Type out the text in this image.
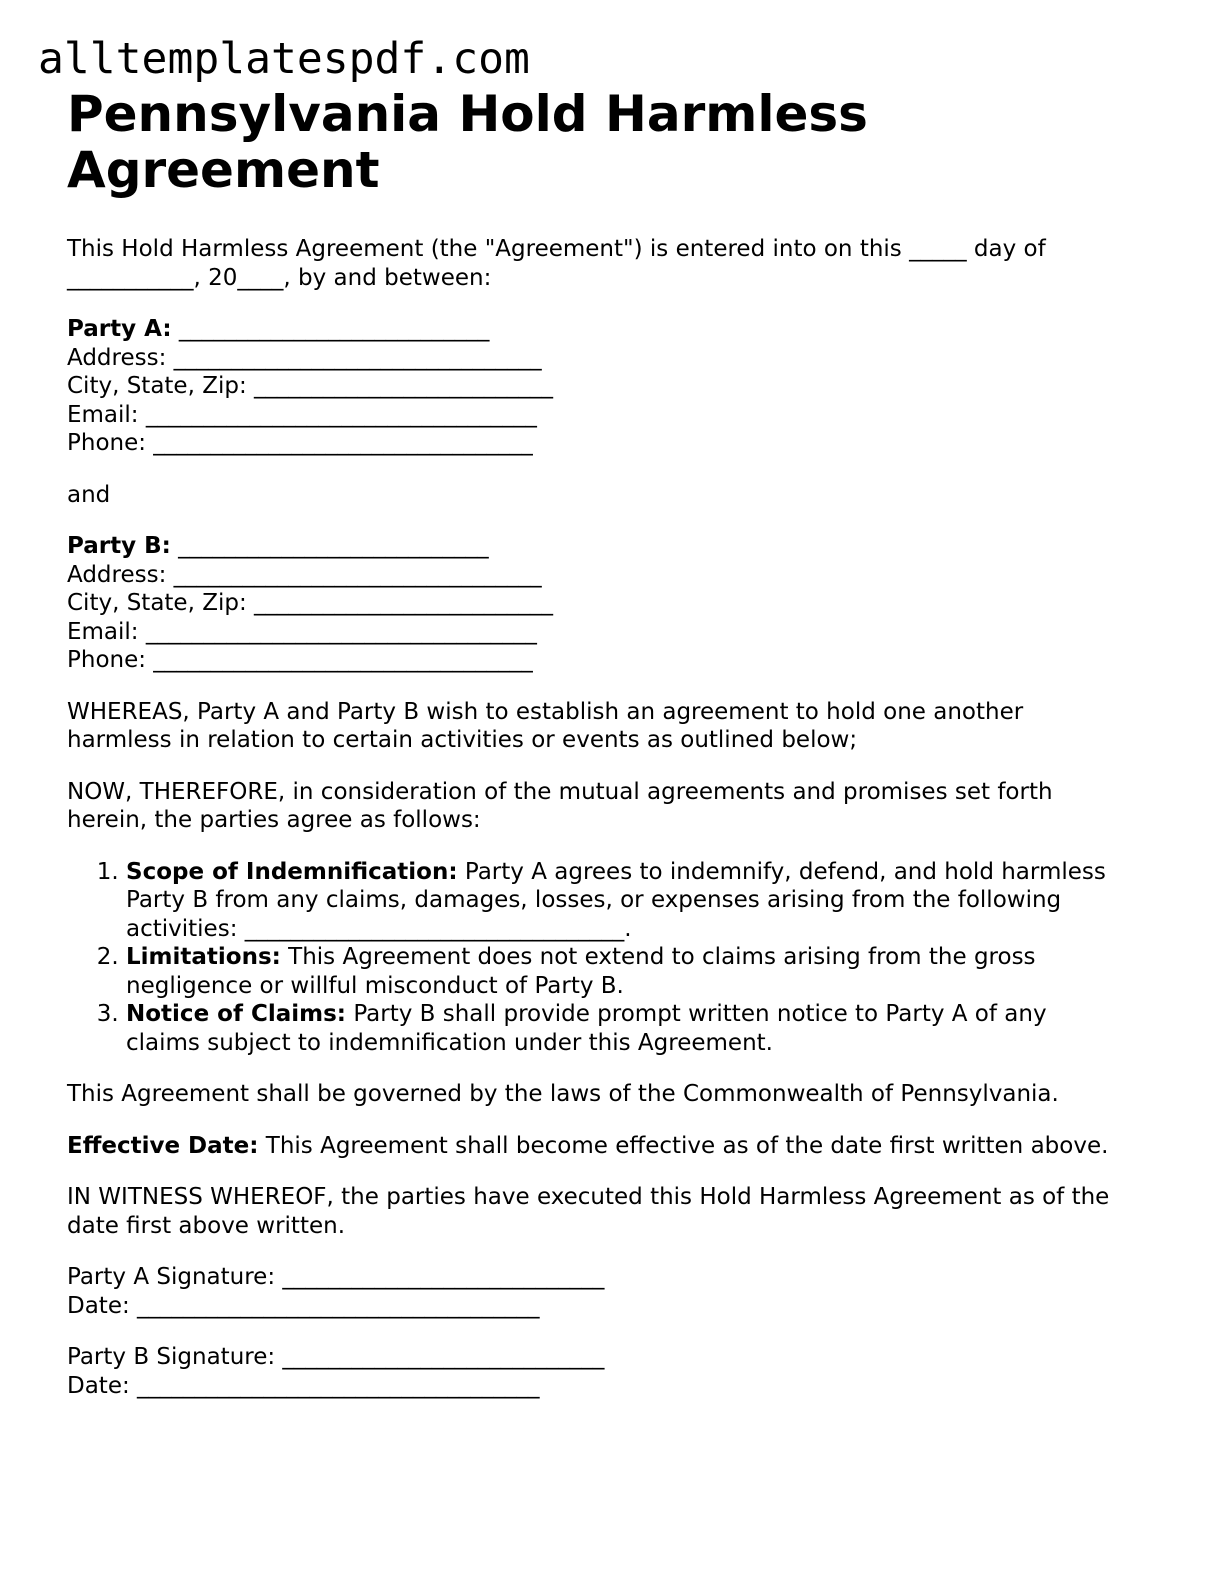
alltemplatespdf.com
Pennsylvania Hold Harmless
Agreement
This Hold Harmless Agreement (the "Agreement") is entered into on this _____ day of
___________, 20____, by and between:
Party A: ___________________________
Address: ________________________________
City, State, Zip: __________________________
Email: __________________________________
Phone: _________________________________
and
Party B: ___________________________
Address: ________________________________
City, State, Zip: __________________________
Email: __________________________________
Phone: _________________________________
WHEREAS, Party A and Party B wish to establish an agreement to hold one another
harmless in relation to certain activities or events as outlined below;
NOW, THEREFORE, in consideration of the mutual agreements and promises set forth
herein, the parties agree as follows:
1. Scope of Indemnification: Party A agrees to indemnify, defend, and hold harmless
Party B from any claims, damages, losses, or expenses arising from the following
activities: _________________________________.
2. Limitations: This Agreement does not extend to claims arising from the gross
negligence or willful misconduct of Party B.
3. Notice of Claims: Party B shall provide prompt written notice to Party A of any
claims subject to indemnification under this Agreement.
This Agreement shall be governed by the laws of the Commonwealth of Pennsylvania.
Effective Date: This Agreement shall become effective as of the date first written above.
IN WITNESS WHEREOF, the parties have executed this Hold Harmless Agreement as of the
date first above written.
Party A Signature: ____________________________
Date: ___________________________________
Party B Signature: ____________________________
Date: ___________________________________
